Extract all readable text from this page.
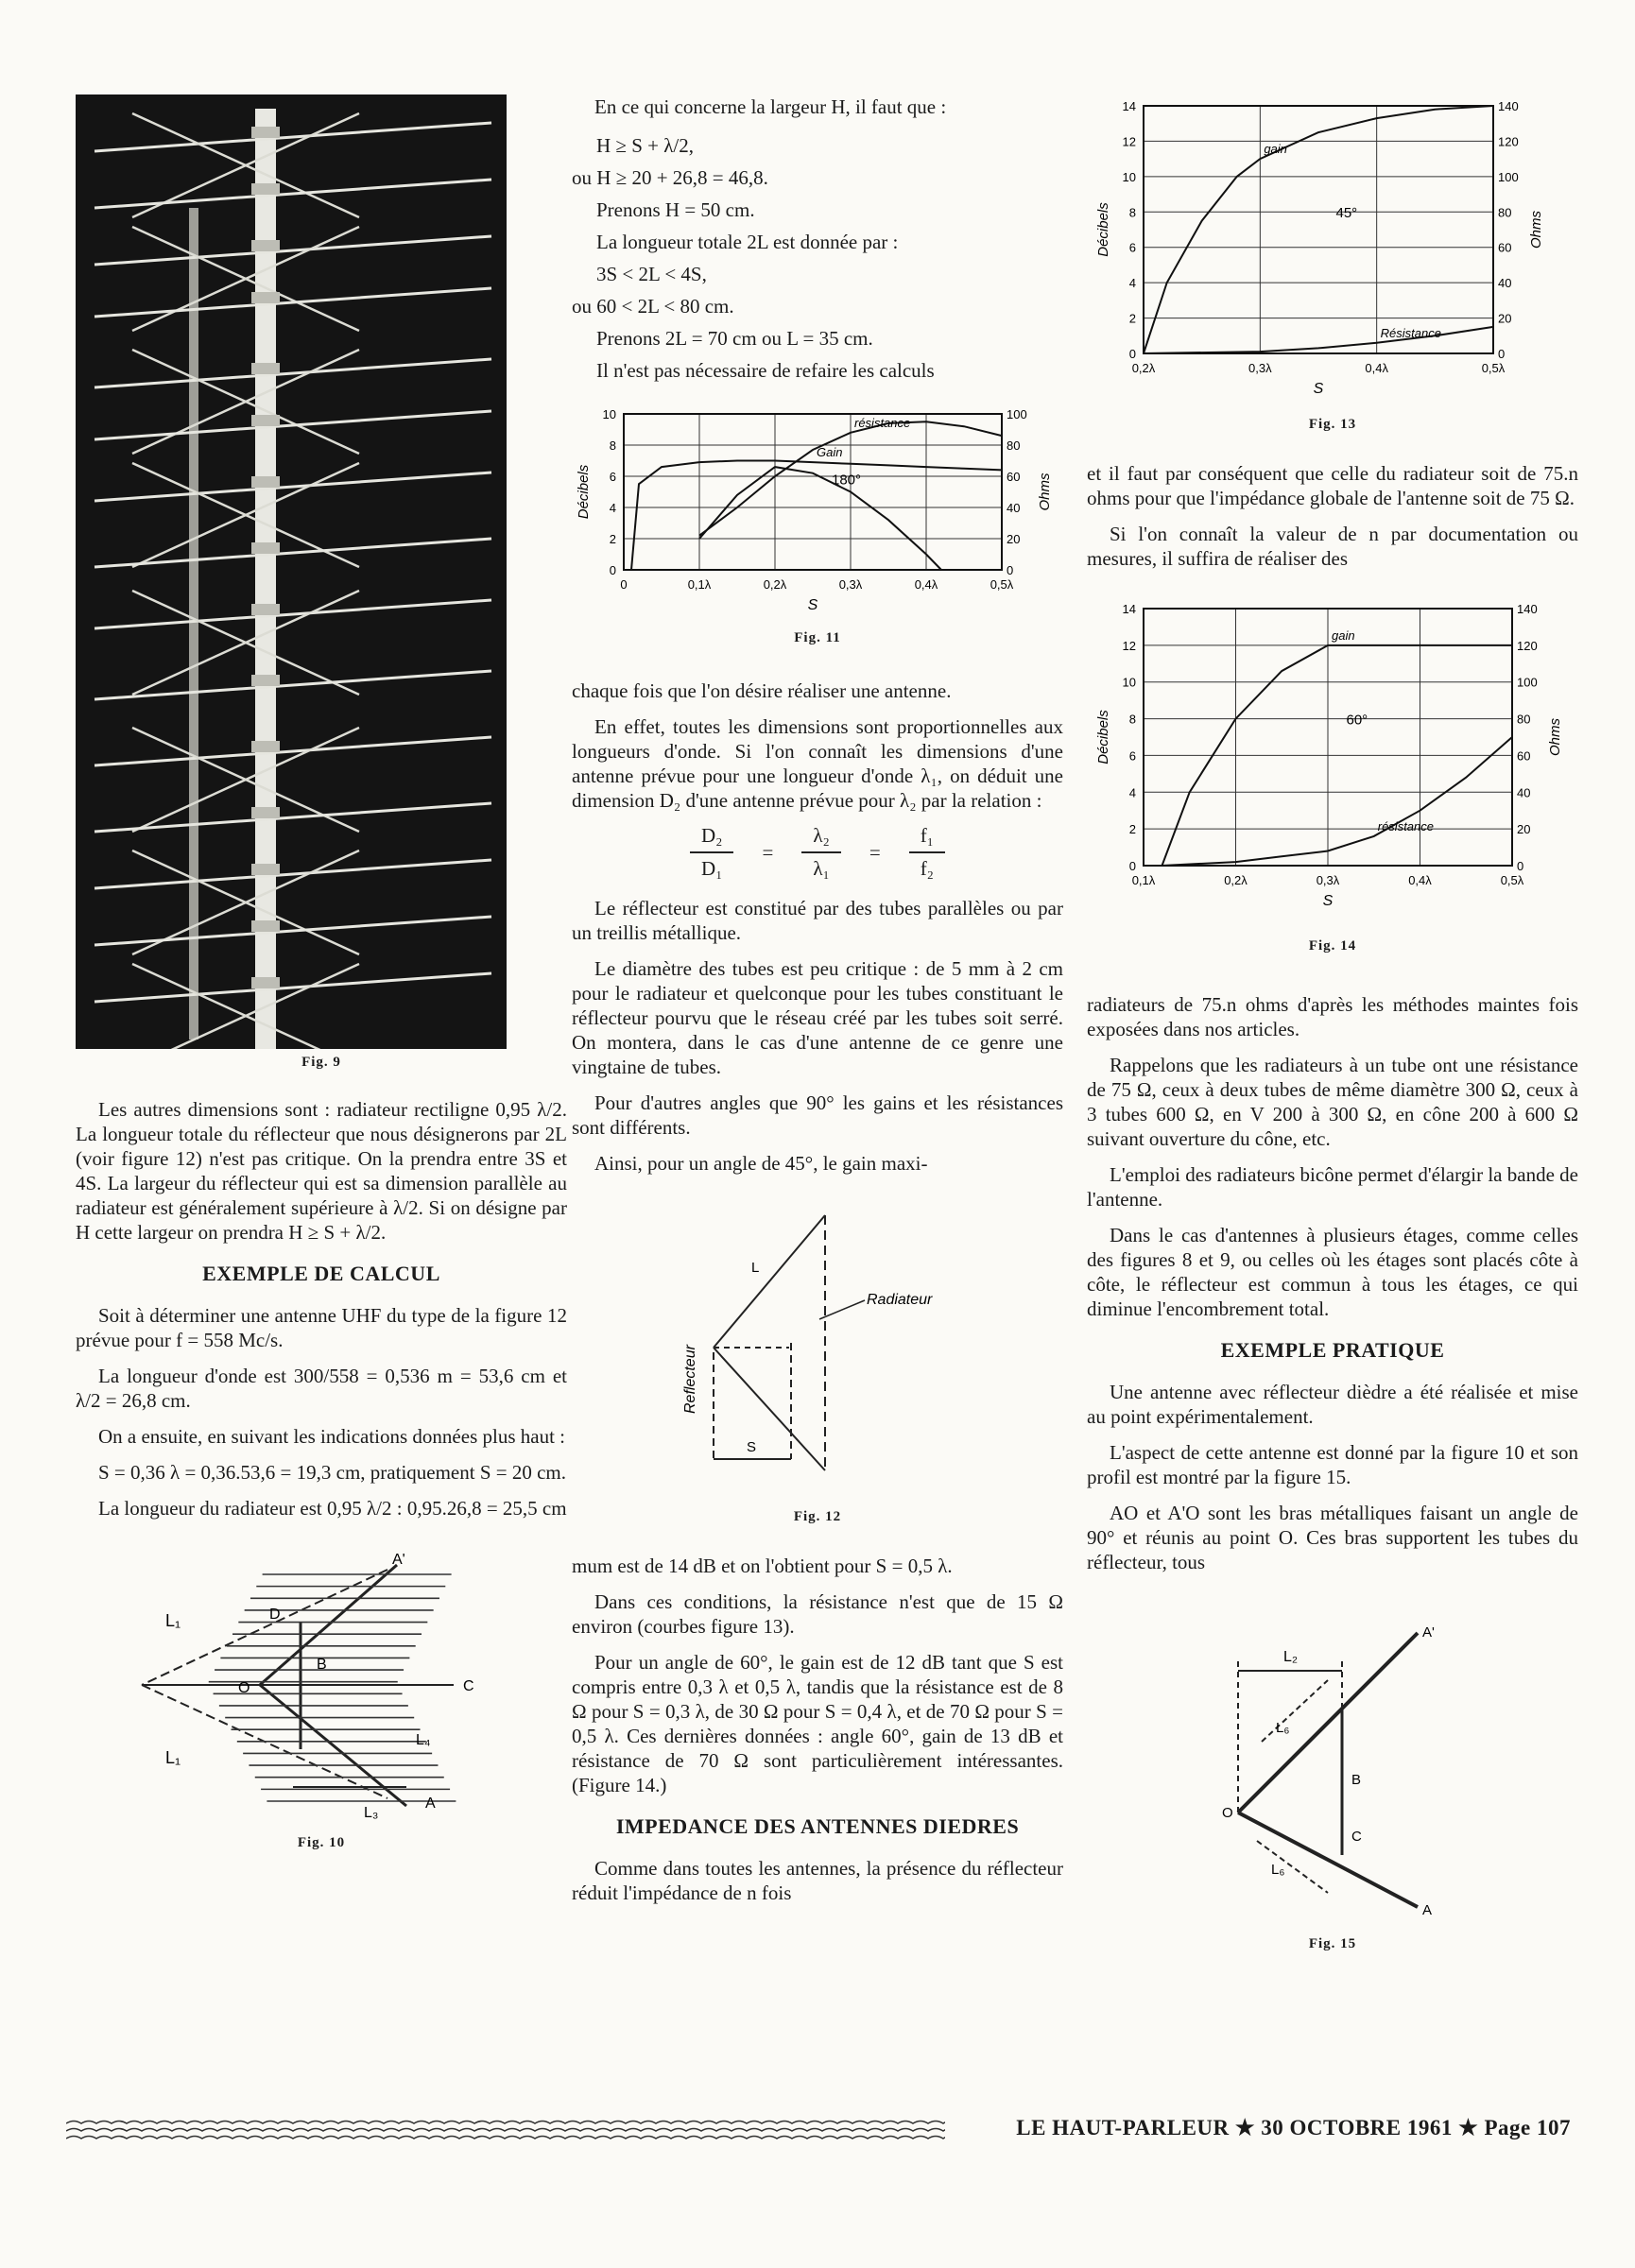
Fig. 9

Les autres dimensions sont : radiateur rectiligne 0,95 λ/2. La longueur totale du réflecteur que nous désignerons par 2L (voir figure 12) n'est pas critique. On la prendra entre 3S et 4S. La largeur du réflecteur qui est sa dimension parallèle au radiateur est généralement supérieure à λ/2. Si on désigne par H cette largeur on prendra H ≥ S + λ/2.

EXEMPLE DE CALCUL

Soit à déterminer une antenne UHF du type de la figure 12 prévue pour f = 558 Mc/s.

La longueur d'onde est 300/558 = 0,536 m = 53,6 cm et λ/2 = 26,8 cm.

On a ensuite, en suivant les indications données plus haut :

S = 0,36 λ = 0,36.53,6 = 19,3 cm, pratiquement S = 20 cm.

La longueur du radiateur est 0,95 λ/2 : 0,95.26,8 = 25,5 cm

A'
D
L₁
B
O	C
L₄
L₁
L₃
A
Fig. 10

En ce qui concerne la largeur H, il faut que :

H ≥ S + λ/2,
ou H ≥ 20 + 26,8 = 46,8.
Prenons H = 50 cm.
La longueur totale 2L est donnée par :
3S < 2L < 4S,
ou 60 < 2L < 80 cm.
Prenons 2L = 70 cm ou L = 35 cm.
Il n'est pas nécessaire de refaire les calculs
0	0
2	20
4	40
6	60
8	80
10	100
0	0,1λ	0,2λ	0,3λ	0,4λ	0,5λ
Décibels	Ohms
S
180°
Gain
résistance
Fig. 11

chaque fois que l'on désire réaliser une antenne.

En effet, toutes les dimensions sont proportionnelles aux longueurs d'onde. Si l'on connaît les dimensions d'une antenne prévue pour une longueur d'onde λ₁, on déduit une dimension D₂ d'une antenne prévue pour λ₂ par la relation :

$\frac{\text{D₂}}{\text{D₁}} = \frac{\text{λ₂}}{\text{λ₁}} = \frac{\text{f₁}}{\text{f₂}}$

Le réflecteur est constitué par des tubes parallèles ou par un treillis métallique.

Le diamètre des tubes est peu critique : de 5 mm à 2 cm pour le radiateur et quelconque pour les tubes constituant le réflecteur pourvu que le réseau créé par les tubes soit serré. On montera, dans le cas d'une antenne de ce genre une vingtaine de tubes.

Pour d'autres angles que 90° les gains et les résistances sont différents.

Ainsi, pour un angle de 45°, le gain maxi-

L
S
Radiateur
Reflecteur
Fig. 12

mum est de 14 dB et on l'obtient pour S = 0,5 λ.

Dans ces conditions, la résistance n'est que de 15 Ω environ (courbes figure 13).

Pour un angle de 60°, le gain est de 12 dB tant que S est compris entre 0,3 λ et 0,5 λ, tandis que la résistance est de 8 Ω pour S = 0,3 λ, de 30 Ω pour S = 0,4 λ, et de 70 Ω pour S = 0,5 λ. Ces dernières données : angle 60°, gain de 13 dB et résistance de 70 Ω sont particulièrement intéressantes. (Figure 14.)

IMPEDANCE DES ANTENNES DIEDRES

Comme dans toutes les antennes, la présence du réflecteur réduit l'impédance de n fois

0	0
2	20
4	40
6	60
8	80
10	100
12	120
14	140
0,2λ	0,3λ	0,4λ	0,5λ
Décibels	Ohms
S
45°
gain
Résistance
Fig. 13

et il faut par conséquent que celle du radiateur soit de 75.n ohms pour que l'impédance globale de l'antenne soit de 75 Ω.

Si l'on connaît la valeur de n par documentation ou mesures, il suffira de réaliser des

0	0
2	20
4	40
6	60
8	80
10	100
12	120
14	140
0,1λ	0,2λ	0,3λ	0,4λ	0,5λ
Décibels	Ohms
S
60°
gain
résistance
Fig. 14

radiateurs de 75.n ohms d'après les méthodes maintes fois exposées dans nos articles.

Rappelons que les radiateurs à un tube ont une résistance de 75 Ω, ceux à deux tubes de même diamètre 300 Ω, ceux à 3 tubes 600 Ω, en V 200 à 300 Ω, en cône 200 à 600 Ω suivant ouverture du cône, etc.

L'emploi des radiateurs bicône permet d'élargir la bande de l'antenne.

Dans le cas d'antennes à plusieurs étages, comme celles des figures 8 et 9, ou celles où les étages sont placés côte à côte, le réflecteur est commun à tous les étages, ce qui diminue l'encombrement total.

EXEMPLE PRATIQUE

Une antenne avec réflecteur dièdre a été réalisée et mise au point expérimentalement.

L'aspect de cette antenne est donné par la figure 10 et son profil est montré par la figure 15.

AO et A'O sont les bras métalliques faisant un angle de 90° et réunis au point O. Ces bras supportent les tubes du réflecteur, tous

L₂
A'
L₆
B
O
C
L₆
A
Fig. 15
LE HAUT-PARLEUR ★ 30 OCTOBRE 1961 ★ Page 107
